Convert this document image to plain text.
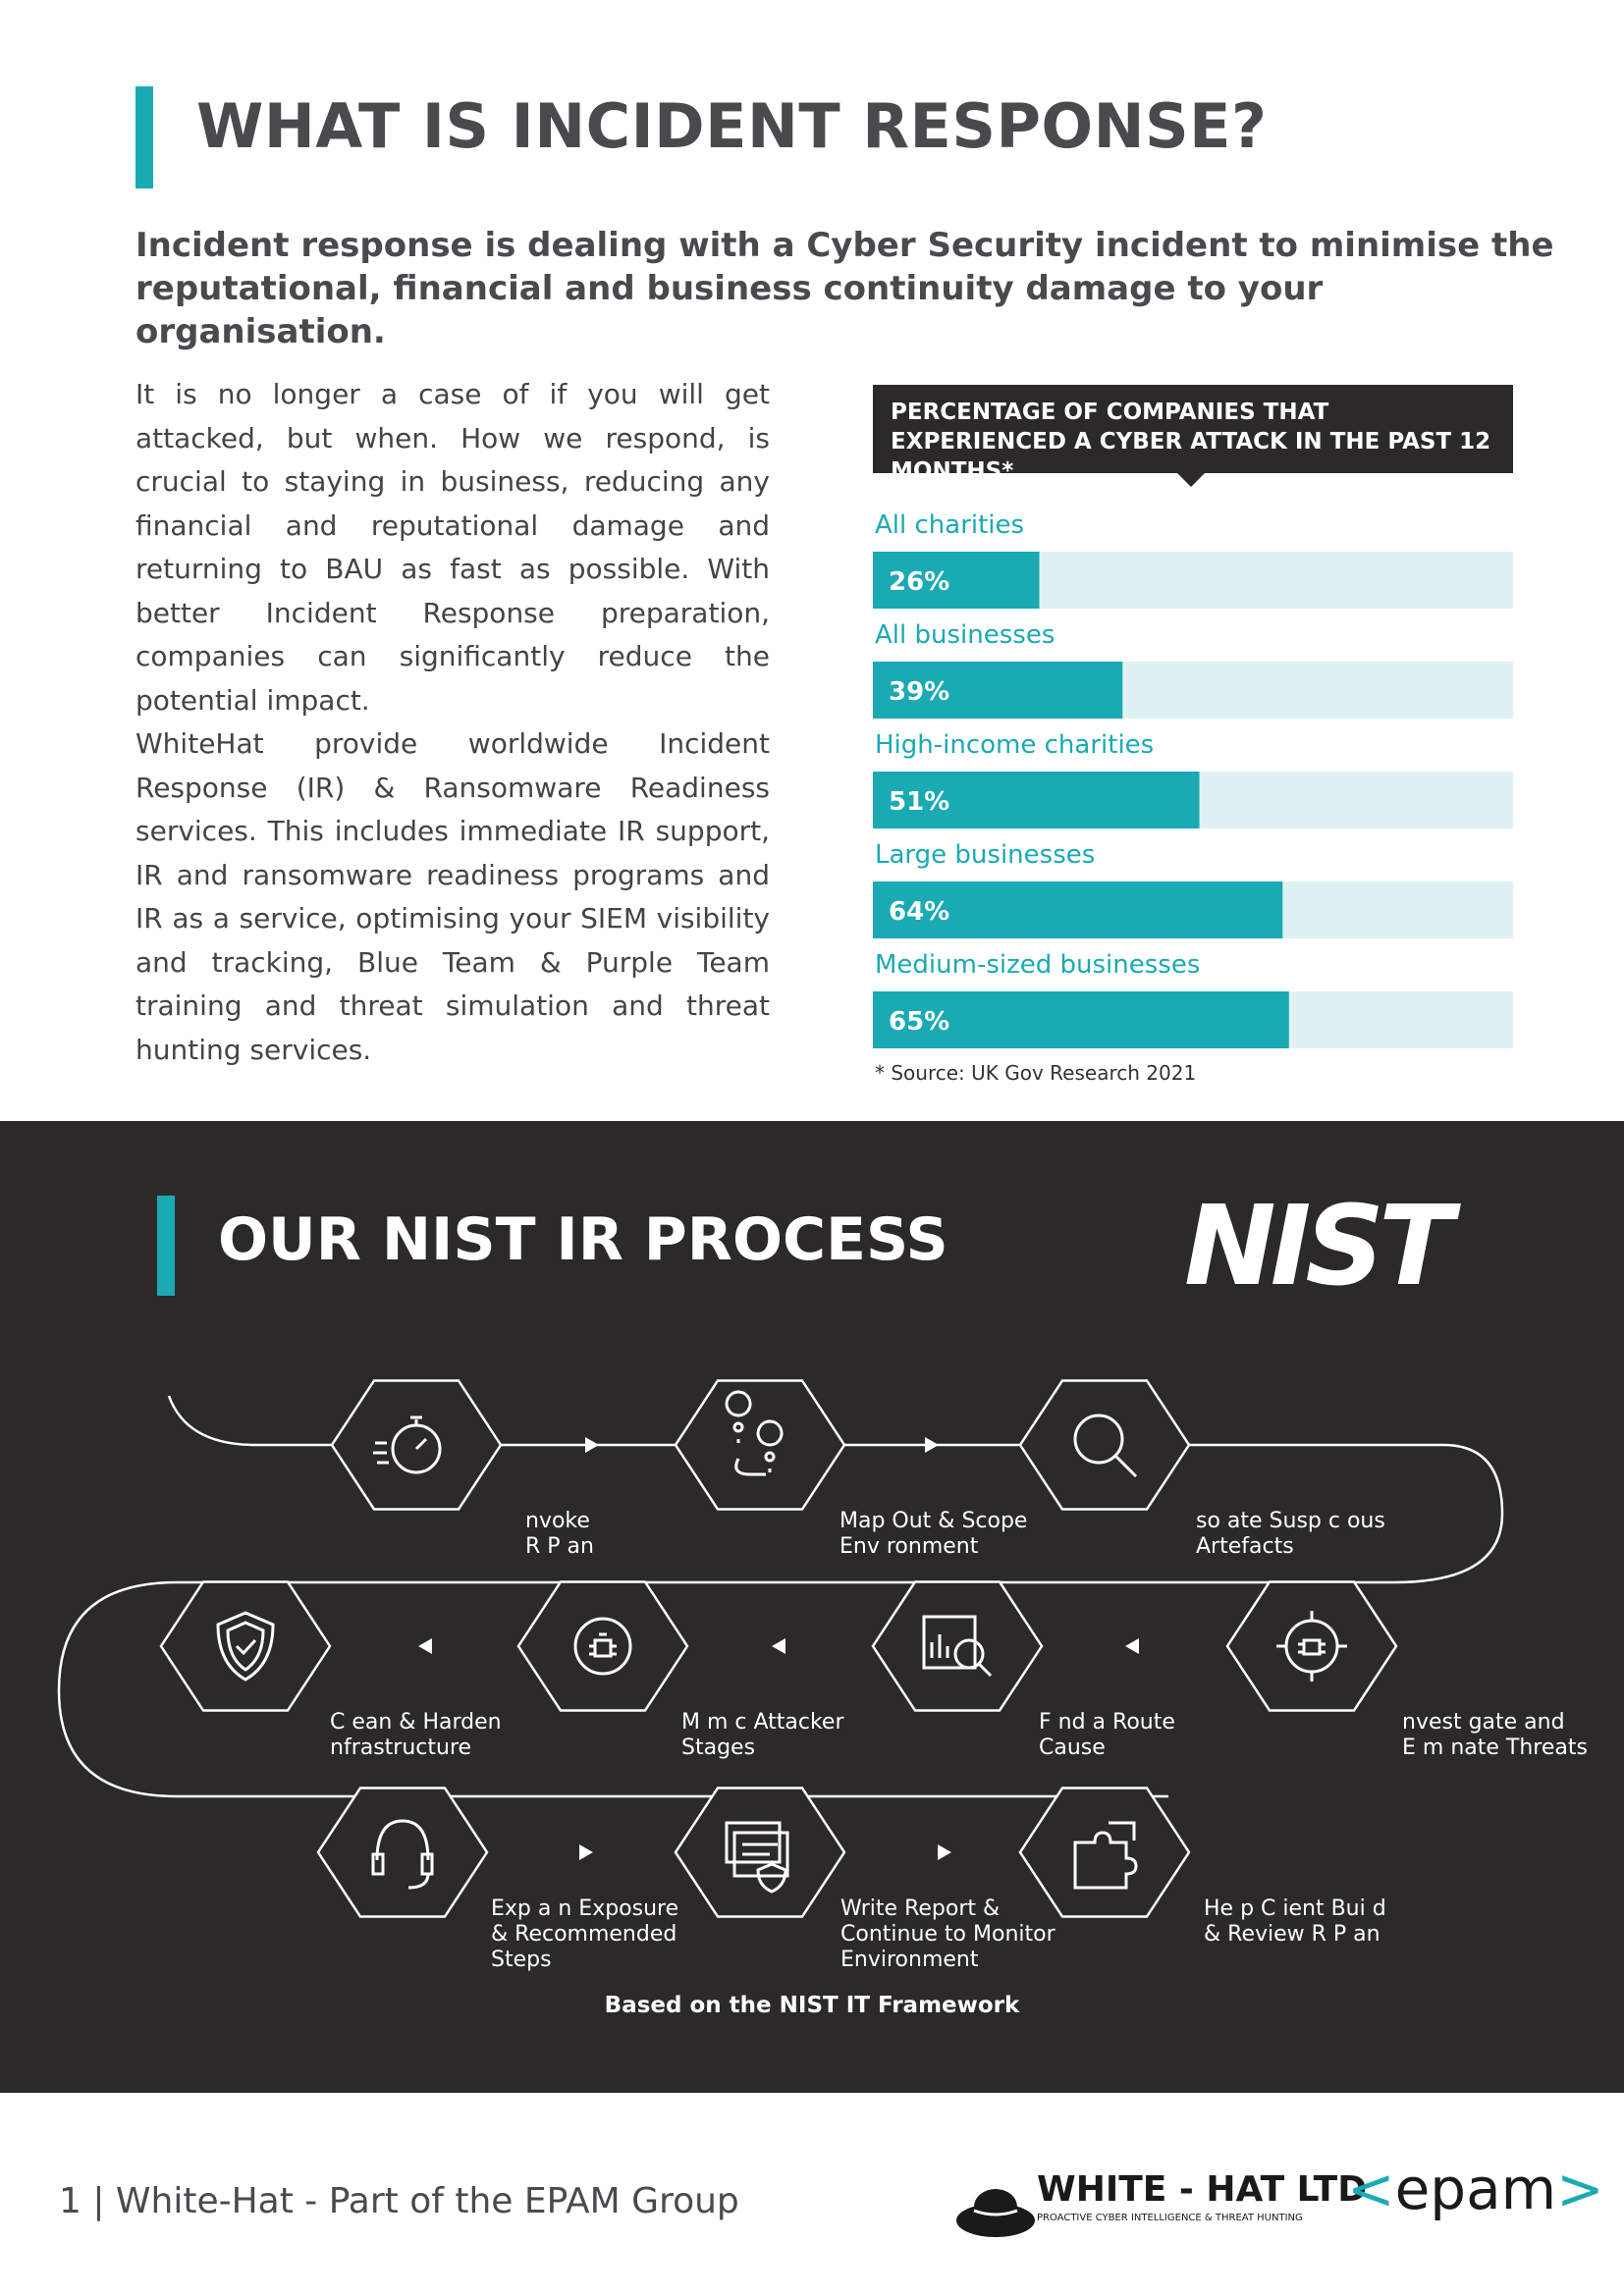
WHAT IS INCIDENT RESPONSE?
Incident response is dealing with a Cyber Security incident to minimise the reputational, financial and business continuity damage to your organisation.
It is no longer a case of if you will get attacked, but when. How we respond, is crucial to staying in business, reducing any financial and reputational damage and returning to BAU as fast as possible. With better Incident Response preparation, companies can significantly reduce the potential impact.
WhiteHat provide worldwide Incident Response (IR) & Ransomware Readiness services. This includes immediate IR support, IR and ransomware readiness programs and IR as a service, optimising your SIEM visibility and tracking, Blue Team & Purple Team training and threat simulation and threat hunting services.
PERCENTAGE OF COMPANIES THAT EXPERIENCED A CYBER ATTACK IN THE PAST 12 MONTHS*.
All charities
26%
All businesses
39%
High-income charities
51%
Large businesses
64%
Medium-sized businesses
65%
* Source: UK Gov Research 2021
OUR NIST IR PROCESS NIST
nvoke
R P an
Map Out & Scope
Env ronment
so ate Susp c ous
Artefacts
nvest gate and
E m nate Threats
F nd a Route
Cause
M m c Attacker
Stages
C ean & Harden
nfrastructure
Exp a n Exposure
& Recommended
Steps
Write Report &
Continue to Monitor
Environment
He p C ient Bui d
& Review R P an
Based on the NIST IT Framework
1 | White-Hat - Part of the EPAM Group	WHITE - HAT LTD
PROACTIVE CYBER INTELLIGENCE & THREAT HUNTING <epam>
